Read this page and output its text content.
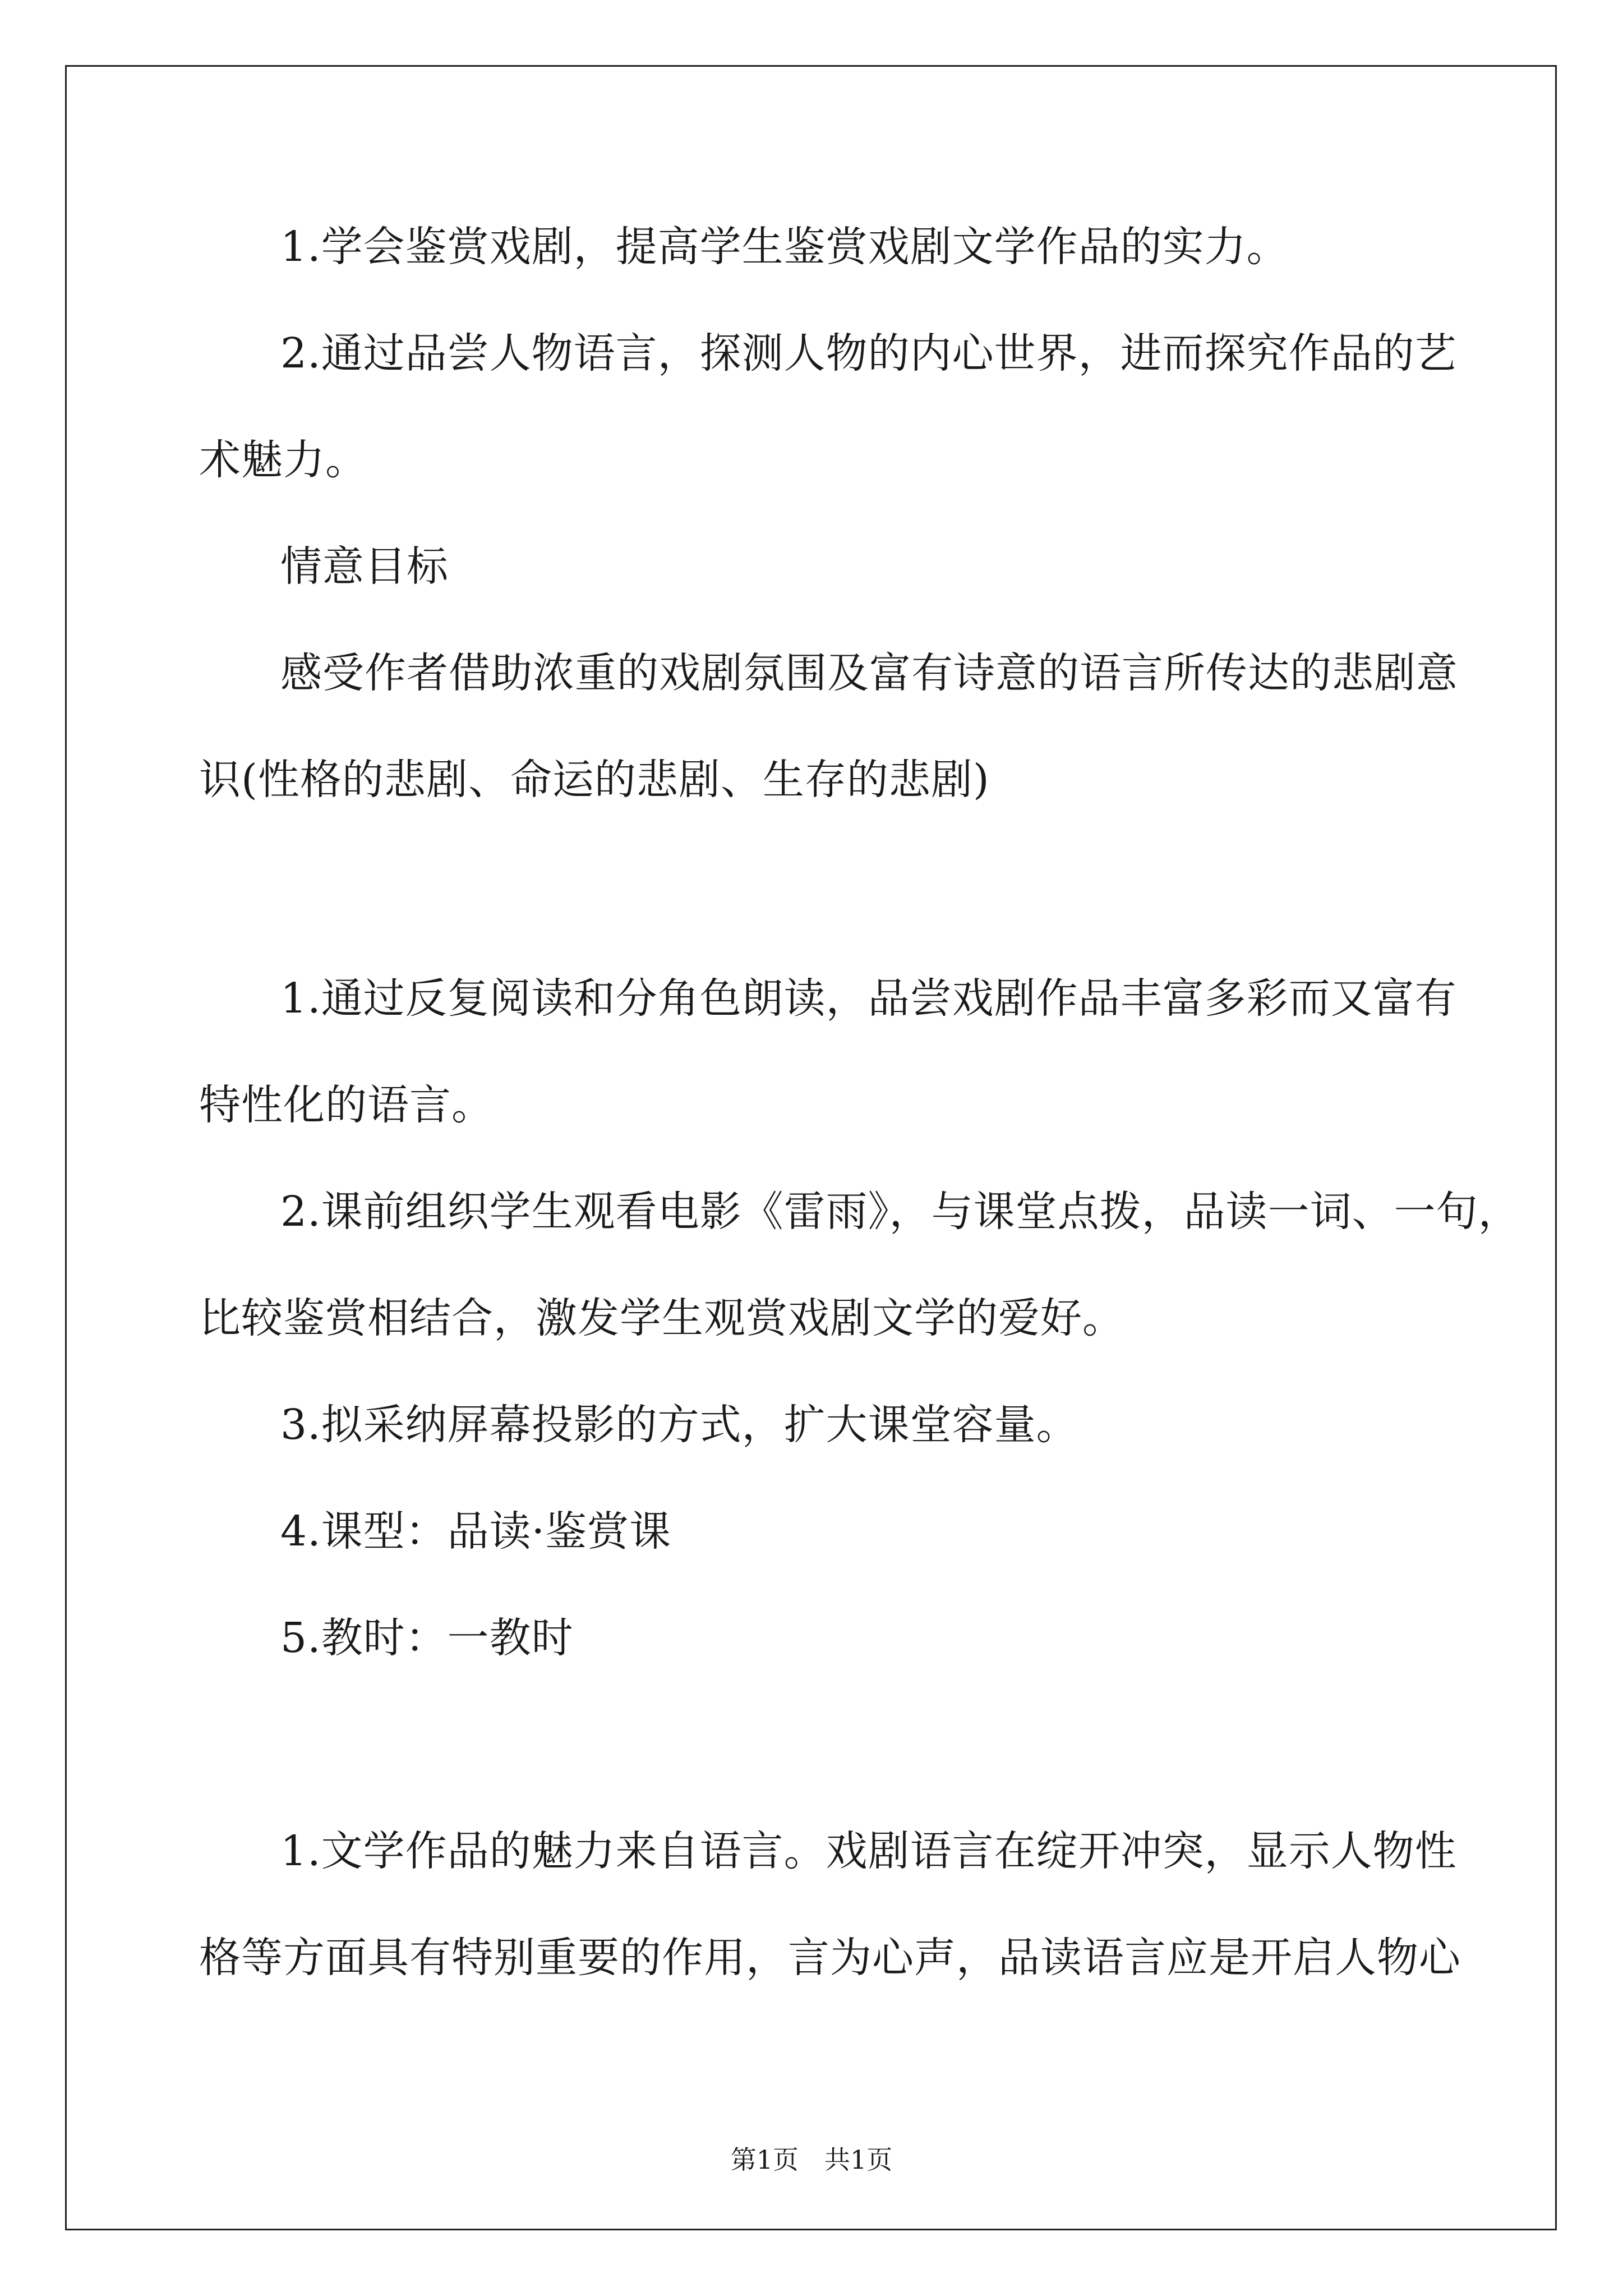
1.学会鉴赏戏剧，提高学生鉴赏戏剧文学作品的实力。
2.通过品尝人物语言，探测人物的内心世界，进而探究作品的艺
术魅力。
情意目标
感受作者借助浓重的戏剧氛围及富有诗意的语言所传达的悲剧意
识(性格的悲剧、命运的悲剧、生存的悲剧)
1.通过反复阅读和分角色朗读，品尝戏剧作品丰富多彩而又富有
特性化的语言。
2.课前组织学生观看电影《雷雨》，与课堂点拨，品读一词、一句，
比较鉴赏相结合，激发学生观赏戏剧文学的爱好。
3.拟采纳屏幕投影的方式，扩大课堂容量。
4.课型：品读·鉴赏课
5.教时：一教时
1.文学作品的魅力来自语言。戏剧语言在绽开冲突，显示人物性
格等方面具有特别重要的作用，言为心声，品读语言应是开启人物心
第1页　共1页
